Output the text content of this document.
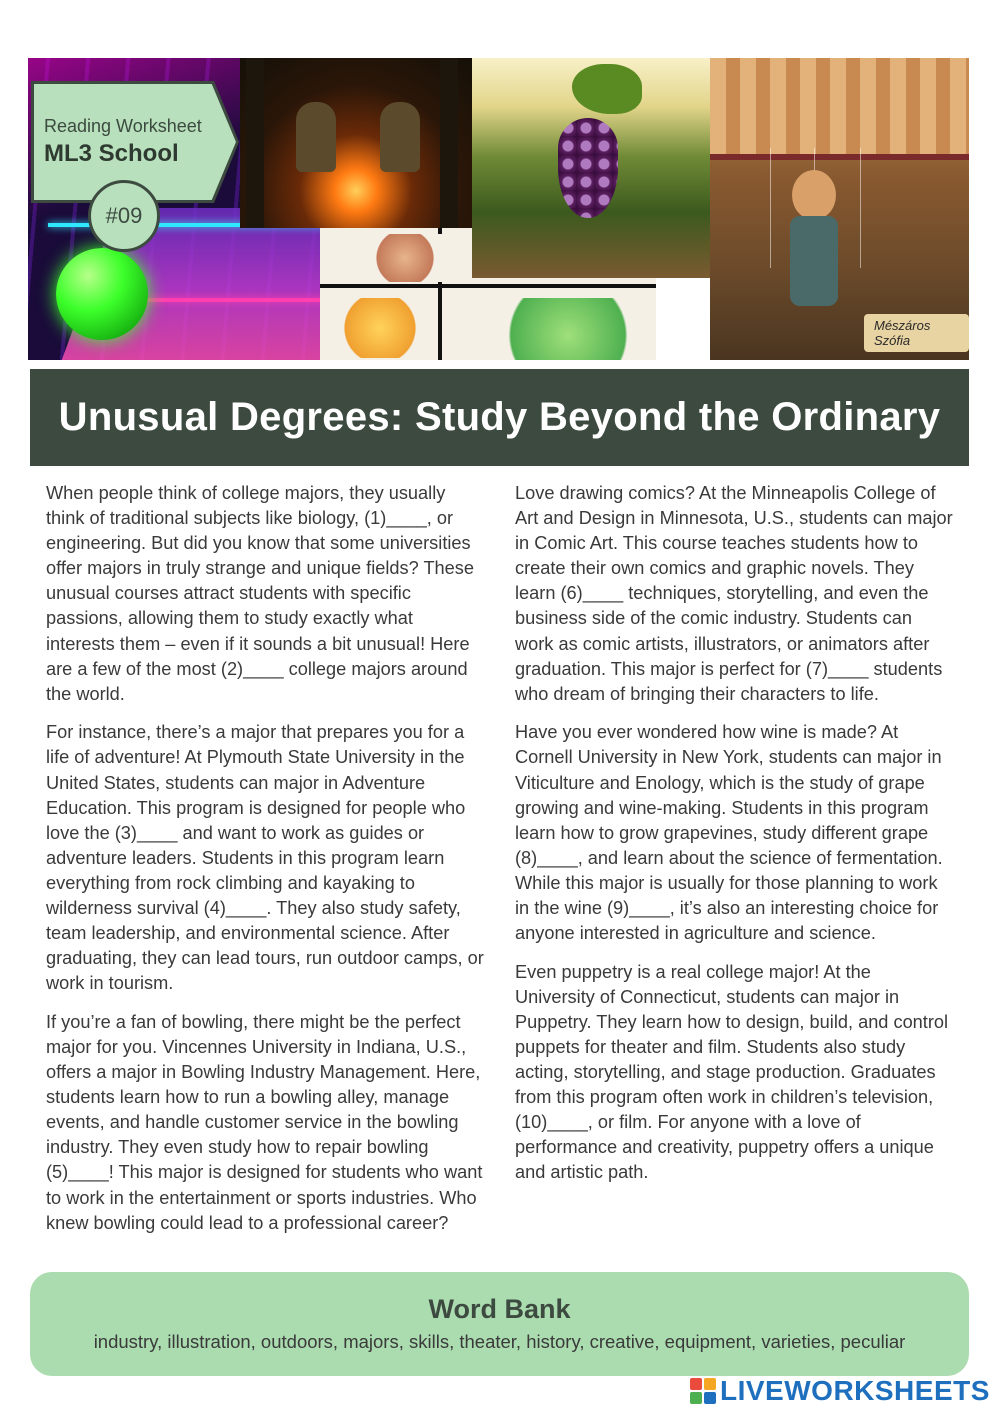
Mészáros Szófia
Reading Worksheet
ML3 School
#09
Unusual Degrees: Study Beyond the Ordinary

When people think of college majors, they usually think of traditional subjects like biology, (1)____, or engineering. But did you know that some universities offer majors in truly strange and unique fields? These unusual courses attract students with specific passions, allowing them to study exactly what interests them – even if it sounds a bit unusual! Here are a few of the most (2)____ college majors around the world.

For instance, there’s a major that prepares you for a life of adventure! At Plymouth State University in the United States, students can major in Adventure Education. This program is designed for people who love the (3)____ and want to work as guides or adventure leaders. Students in this program learn everything from rock climbing and kayaking to wilderness survival (4)____. They also study safety, team leadership, and environmental science. After graduating, they can lead tours, run outdoor camps, or work in tourism.

If you’re a fan of bowling, there might be the perfect major for you. Vincennes University in Indiana, U.S., offers a major in Bowling Industry Management. Here, students learn how to run a bowling alley, manage events, and handle customer service in the bowling industry. They even study how to repair bowling (5)____! This major is designed for students who want to work in the entertainment or sports industries. Who knew bowling could lead to a professional career?

Love drawing comics? At the Minneapolis College of Art and Design in Minnesota, U.S., students can major in Comic Art. This course teaches students how to create their own comics and graphic novels. They learn (6)____ techniques, storytelling, and even the business side of the comic industry. Students can work as comic artists, illustrators, or animators after graduation. This major is perfect for (7)____ students who dream of bringing their characters to life.

Have you ever wondered how wine is made? At Cornell University in New York, students can major in Viticulture and Enology, which is the study of grape growing and wine-making. Students in this program learn how to grow grapevines, study different grape (8)____, and learn about the science of fermentation. While this major is usually for those planning to work in the wine (9)____, it’s also an interesting choice for anyone interested in agriculture and science.

Even puppetry is a real college major! At the University of Connecticut, students can major in Puppetry. They learn how to design, build, and control puppets for theater and film. Students also study acting, storytelling, and stage production. Graduates from this program often work in children’s television, (10)____, or film. For anyone with a love of performance and creativity, puppetry offers a unique and artistic path.

Word Bank
industry, illustration, outdoors, majors, skills, theater, history, creative, equipment, varieties, peculiar
LIVEWORKSHEETS
